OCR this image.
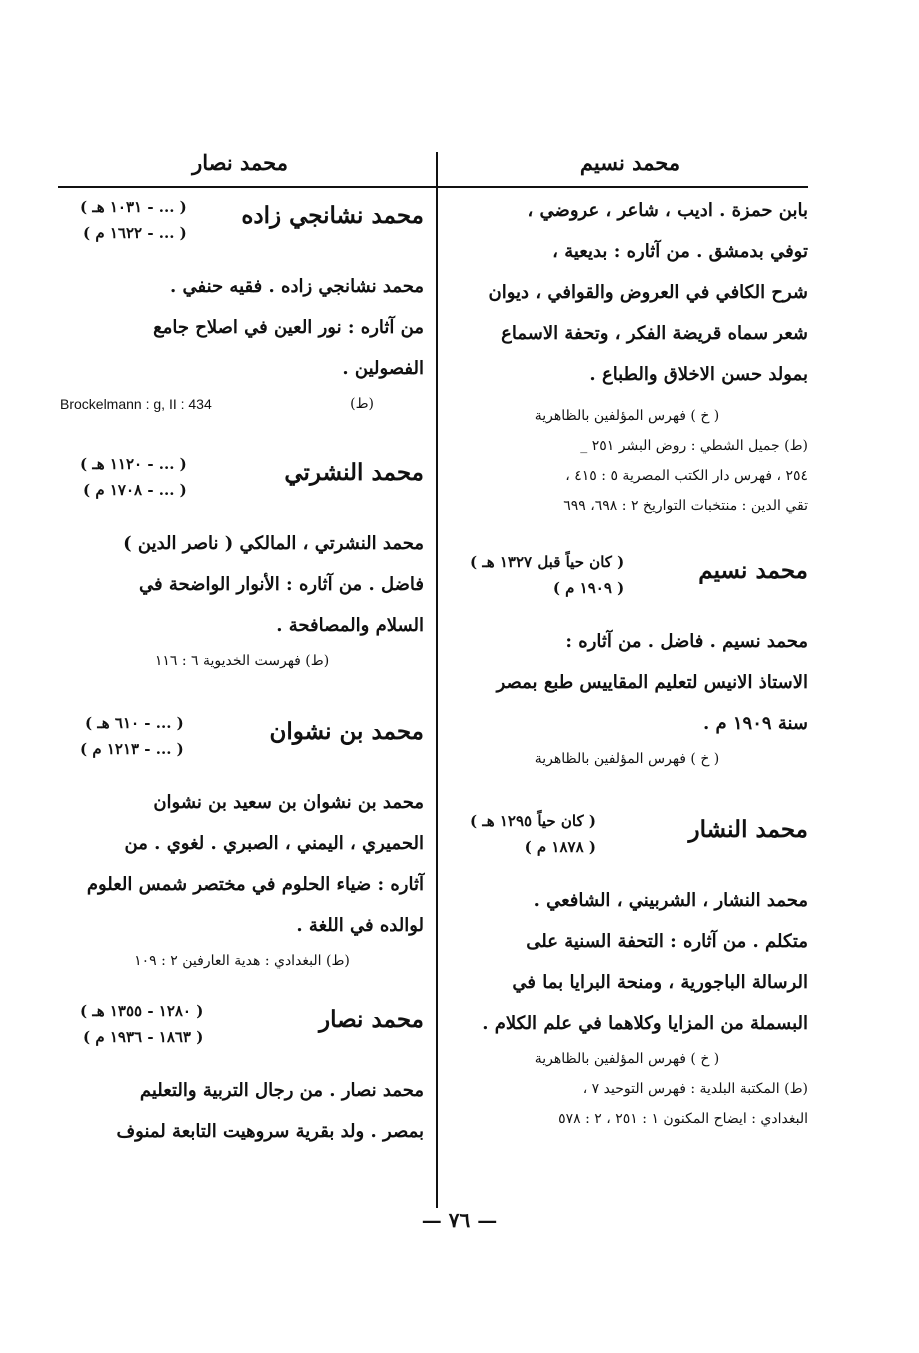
محمد نصار	محمد نسيم
بابن حمزة . اديب ، شاعر ، عروضي ،
توفي بدمشق . من آثاره : بديعية ،
شرح الكافي في العروض والقوافي ، ديوان
شعر سماه قريضة الفكر ، وتحفة الاسماع
بمولد حسن الاخلاق والطباع .
( خ ) فهرس المؤلفين بالظاهرية
(ط) جميل الشطي : روض البشر ٢٥١ _
٢٥٤ ، فهرس دار الكتب المصرية ٥ : ٤١٥ ،
تقي الدين : منتخبات التواريخ ٢ : ٦٩٨، ٦٩٩
محمد نسيم
( كان حياً قبل ١٣٢٧ هـ )
( ١٩٠٩ م )
محمد نسيم . فاضل . من آثاره :
الاستاذ الانيس لتعليم المقاييس طبع بمصر
سنة ١٩٠٩ م .
( خ ) فهرس المؤلفين بالظاهرية
محمد النشار
( كان حياً ١٢٩٥ هـ )
( ١٨٧٨ م )
محمد النشار ، الشربيني ، الشافعي .
متكلم . من آثاره : التحفة السنية على
الرسالة الباجورية ، ومنحة البرايا بما في
البسملة من المزايا وكلاهما في علم الكلام .
( خ ) فهرس المؤلفين بالظاهرية
(ط) المكتبة البلدية : فهرس التوحيد ٧ ،
البغدادي : ايضاح المكنون ١ : ٢٥١ ، ٢ : ٥٧٨
محمد نشانجي زاده
( ... - ١٠٣١ هـ )
( ... - ١٦٢٢ م )
محمد نشانجي زاده . فقيه حنفي .
من آثاره : نور العين في اصلاح جامع
الفصولين .
Brockelmann : g, II : 434	(ط)
محمد النشرتي
( ... - ١١٢٠ هـ )
( ... - ١٧٠٨ م )
محمد النشرتي ، المالكي ( ناصر الدين )
فاضل . من آثاره : الأنوار الواضحة في
السلام والمصافحة .
(ط) فهرست الخديوية ٦ : ١١٦
محمد بن نشوان
( ... - ٦١٠ هـ )
( ... - ١٢١٣ م )
محمد بن نشوان بن سعيد بن نشوان
الحميري ، اليمني ، الصبري . لغوي . من
آثاره : ضياء الحلوم في مختصر شمس العلوم
لوالده في اللغة .
(ط) البغدادي : هدية العارفين ٢ : ١٠٩
محمد نصار
( ١٢٨٠ - ١٣٥٥ هـ )
( ١٨٦٣ - ١٩٣٦ م )
محمد نصار . من رجال التربية والتعليم
بمصر . ولد بقرية سروهيت التابعة لمنوف
— ٧٦ —
